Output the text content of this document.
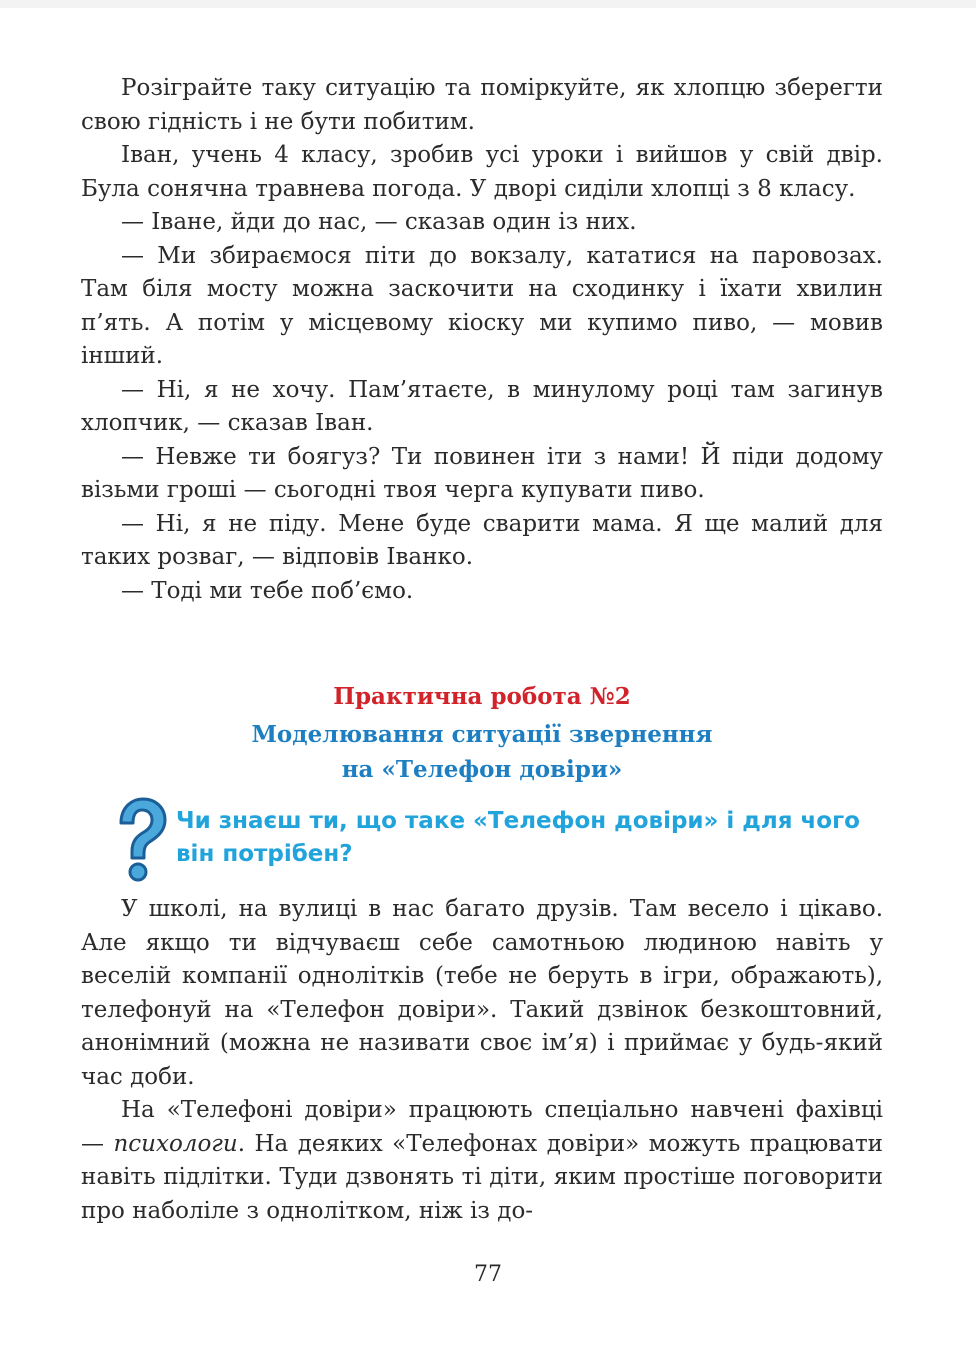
Розіграйте таку ситуацію та поміркуйте, як хлопцю зберегти свою гідність і не бути побитим.

Іван, учень 4 класу, зробив усі уроки і вийшов у свій двір. Була сонячна травнева погода. У дворі сиділи хлопці з 8 класу.

— Іване, йди до нас, — сказав один із них.

— Ми збираємося піти до вокзалу, кататися на паровозах. Там біля мосту можна заскочити на сходинку і їхати хвилин п’ять. А потім у місцевому кіоску ми купимо пиво, — мовив інший.

— Ні, я не хочу. Пам’ятаєте, в минулому році там загинув хлопчик, — сказав Іван.

— Невже ти боягуз? Ти повинен іти з нами! Й піди додому візьми гроші — сьогодні твоя черга купувати пиво.

— Ні, я не піду. Мене буде сварити мама. Я ще малий для таких розваг, — відповів Іванко.

— Тоді ми тебе поб’ємо.

Практична робота №2
Моделювання ситуації звернення
на «Телефон довіри»
Чи знаєш ти, що таке «Телефон довіри» і для чого він потрібен?

У школі, на вулиці в нас багато друзів. Там весело і цікаво. Але якщо ти відчуваєш себе самотньою людиною навіть у веселій компанії однолітків (тебе не беруть в ігри, ображають), телефонуй на «Телефон довіри». Такий дзвінок безкоштовний, анонімний (можна не називати своє ім’я) і приймає у будь-який час доби.

На «Телефоні довіри» працюють спеціально навчені фахівці — психологи. На деяких «Телефонах довіри» можуть працювати навіть підлітки. Туди дзвонять ті діти, яким простіше поговорити про наболіле з однолітком, ніж із до-

77
